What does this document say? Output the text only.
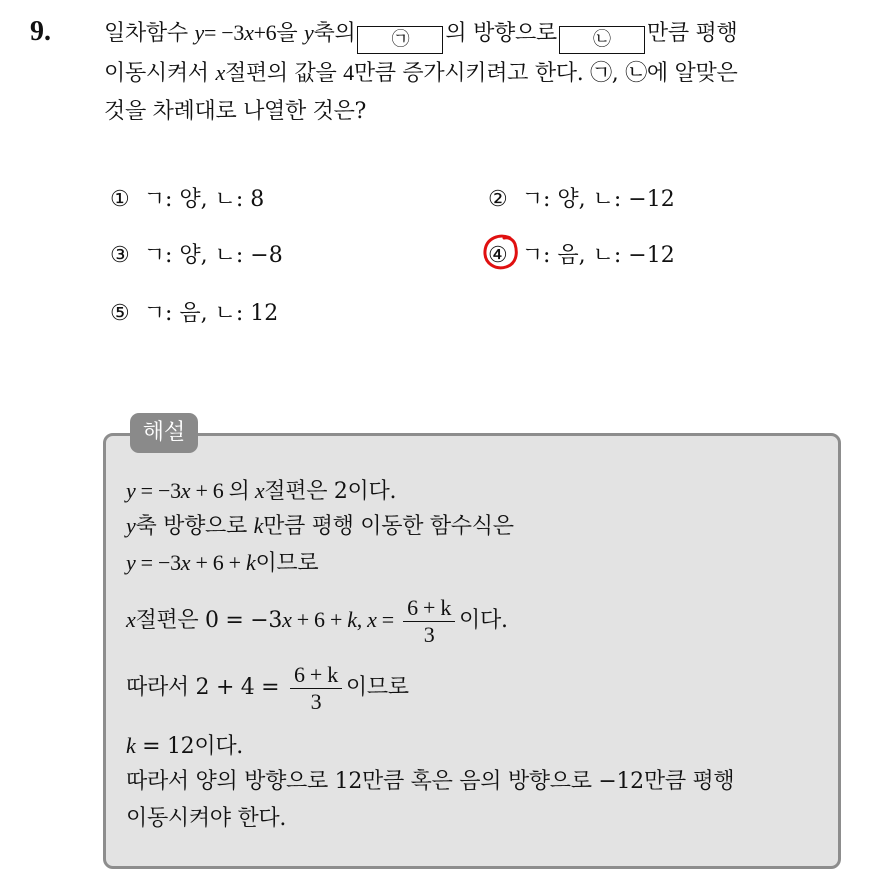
9. 일차함수 y= −3x+6을 y축의 ㉠ 의 방향으로 ㉡ 만큼 평행
이동시켜서 x절편의 값을 4만큼 증가시키려고 한다. ㉠, ㉡에 알맞은
것을 차례대로 나열한 것은?
① ㄱ: 양, ㄴ: 8	② ㄱ: 양, ㄴ: −12
③ ㄱ: 양, ㄴ: −8	④ ㄱ: 음, ㄴ: −12
⑤ ㄱ: 음, ㄴ: 12
해설
y = −3x + 6 의 x절편은 2이다.
y축 방향으로 k만큼 평행 이동한 함수식은
y = −3x + 6 + k이므로
x절편은 0 = −3x + 6 + k, $x = \frac{6 + k}{3}$ 이다.
따라서 $2 + 4 = \frac{6 + k}{3}$ 이므로
k = 12이다.
따라서 양의 방향으로 12만큼 혹은 음의 방향으로 −12만큼 평행
이동시켜야 한다.
